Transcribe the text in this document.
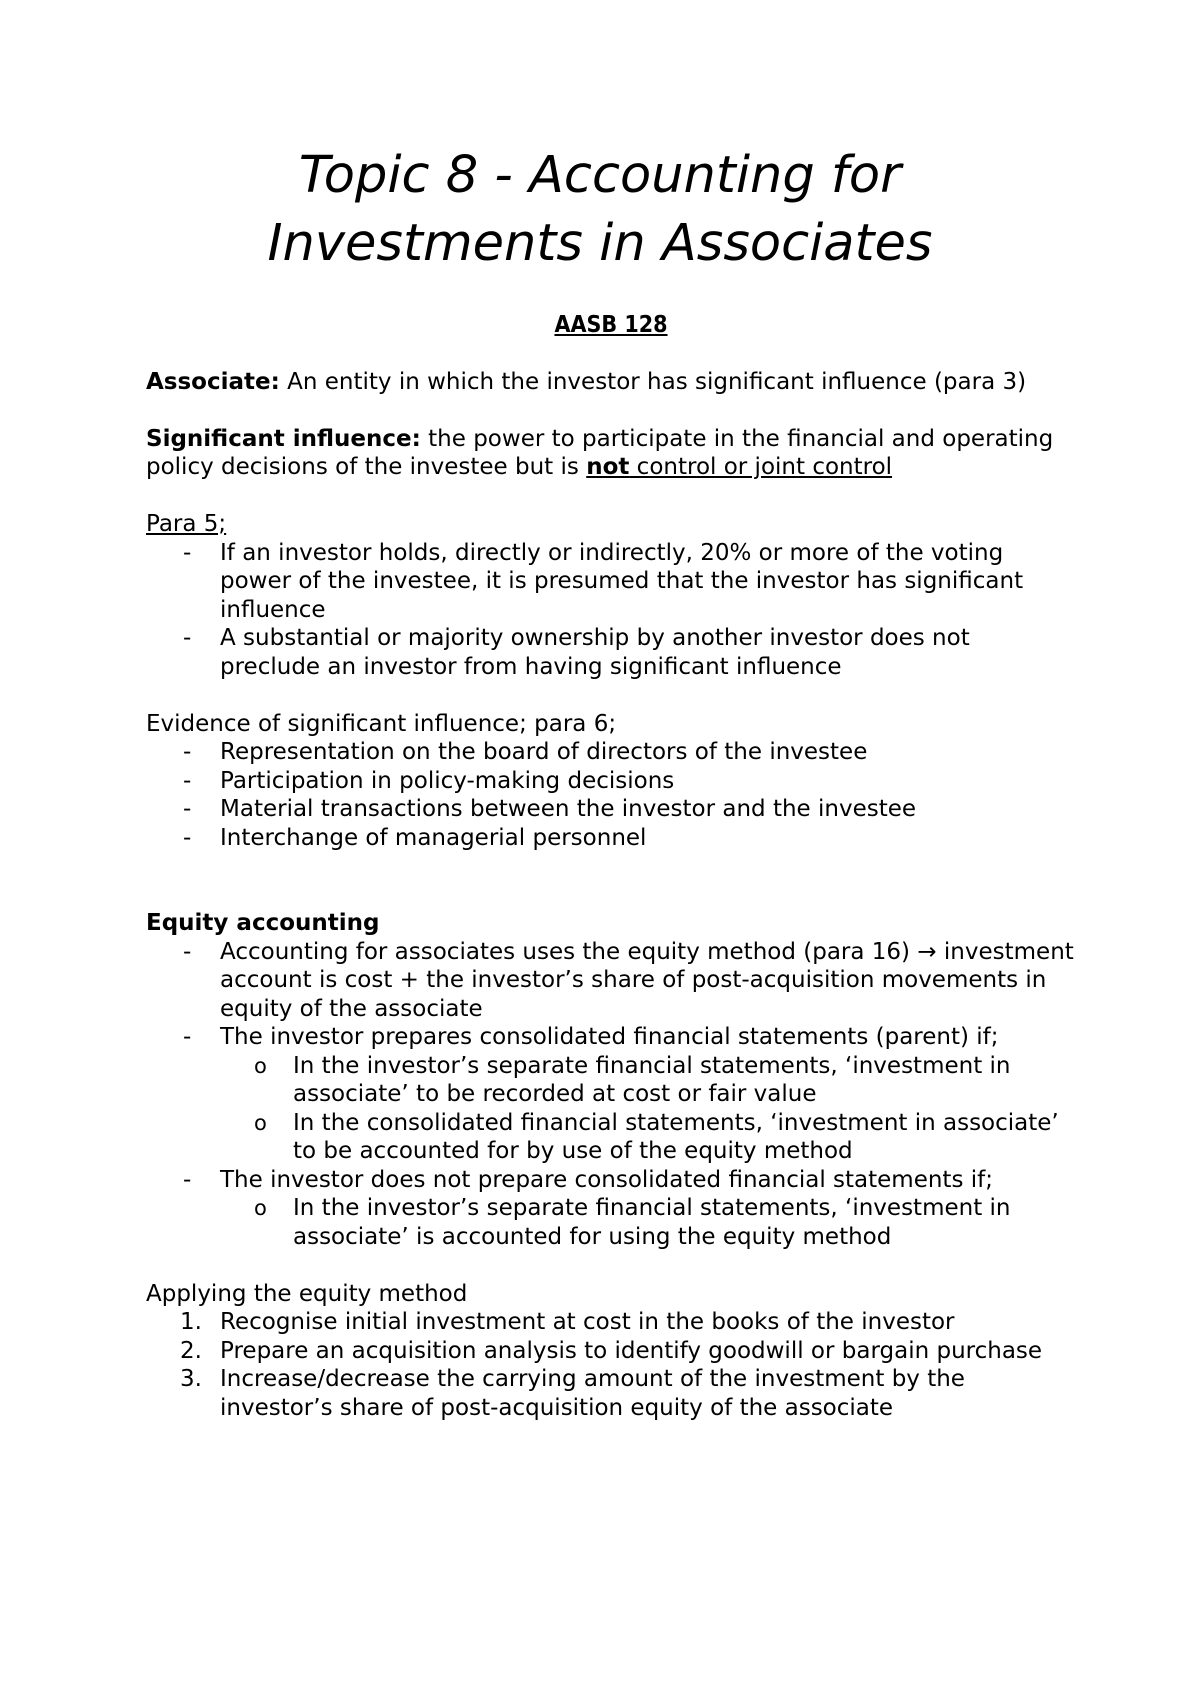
Topic 8 - Accounting for
Investments in Associates

AASB 128

Associate: An entity in which the investor has significant influence (para 3)

Significant influence: the power to participate in the financial and operating policy decisions of the investee but is not control or joint control

Para 5;

- If an investor holds, directly or indirectly, 20% or more of the voting power of the investee, it is presumed that the investor has significant influence
- A substantial or majority ownership by another investor does not preclude an investor from having significant influence

Evidence of significant influence; para 6;

- Representation on the board of directors of the investee
- Participation in policy-making decisions
- Material transactions between the investor and the investee
- Interchange of managerial personnel

Equity accounting

- Accounting for associates uses the equity method (para 16) → investment account is cost + the investor’s share of post-acquisition movements in equity of the associate
- The investor prepares consolidated financial statements (parent) if;
o In the investor’s separate financial statements, ‘investment in associate’ to be recorded at cost or fair value
o In the consolidated financial statements, ‘investment in associate’ to be accounted for by use of the equity method
- The investor does not prepare consolidated financial statements if;
o In the investor’s separate financial statements, ‘investment in associate’ is accounted for using the equity method

Applying the equity method

1. Recognise initial investment at cost in the books of the investor
2. Prepare an acquisition analysis to identify goodwill or bargain purchase
3. Increase/decrease the carrying amount of the investment by the investor’s share of post-acquisition equity of the associate
